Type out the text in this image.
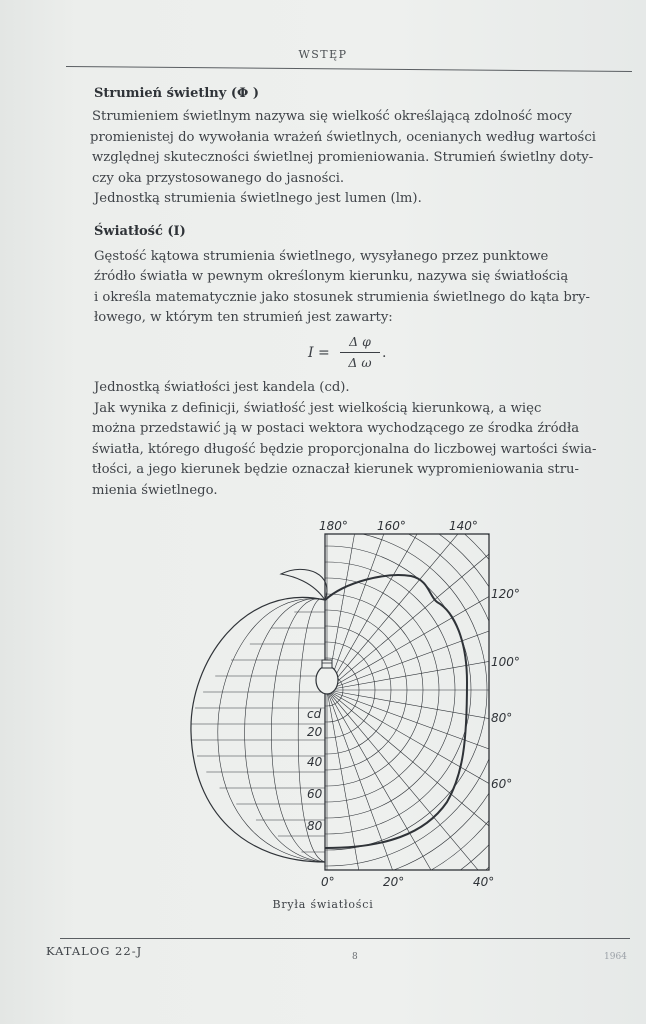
WSTĘP

Strumień świetlny (Φ )

Strumieniem świetlnym nazywa się wielkość określającą zdolność mocy
promienistej do wywołania wrażeń świetlnych, ocenianych według wartości
względnej skuteczności świetlnej promieniowania. Strumień świetlny doty-
czy oka przystosowanego do jasności.

Jednostką strumienia świetlnego jest lumen (lm).

Światłość (I)

Gęstość kątowa strumienia świetlnego, wysyłanego przez punktowe
źródło światła w pewnym określonym kierunku, nazywa się światłością
i określa matematycznie jako stosunek strumienia świetlnego do kąta bry-
łowego, w którym ten strumień jest zawarty:

I =
Δ φ
Δ ω
.

Jednostką światłości jest kandela (cd).

Jak wynika z definicji, światłość jest wielkością kierunkową, a więc
można przedstawić ją w postaci wektora wychodzącego ze środka źródła
światła, którego długość będzie proporcjonalna do liczbowej wartości świa-
tłości, a jego kierunek będzie oznaczał kierunek wypromieniowania stru-
mienia świetlnego.

180° 160°	140°
120°
100°
80°
60°
0°	20°	40°
cd
20
40
60
80
Bryła światłości
KATALOG 22-J	8	1964
